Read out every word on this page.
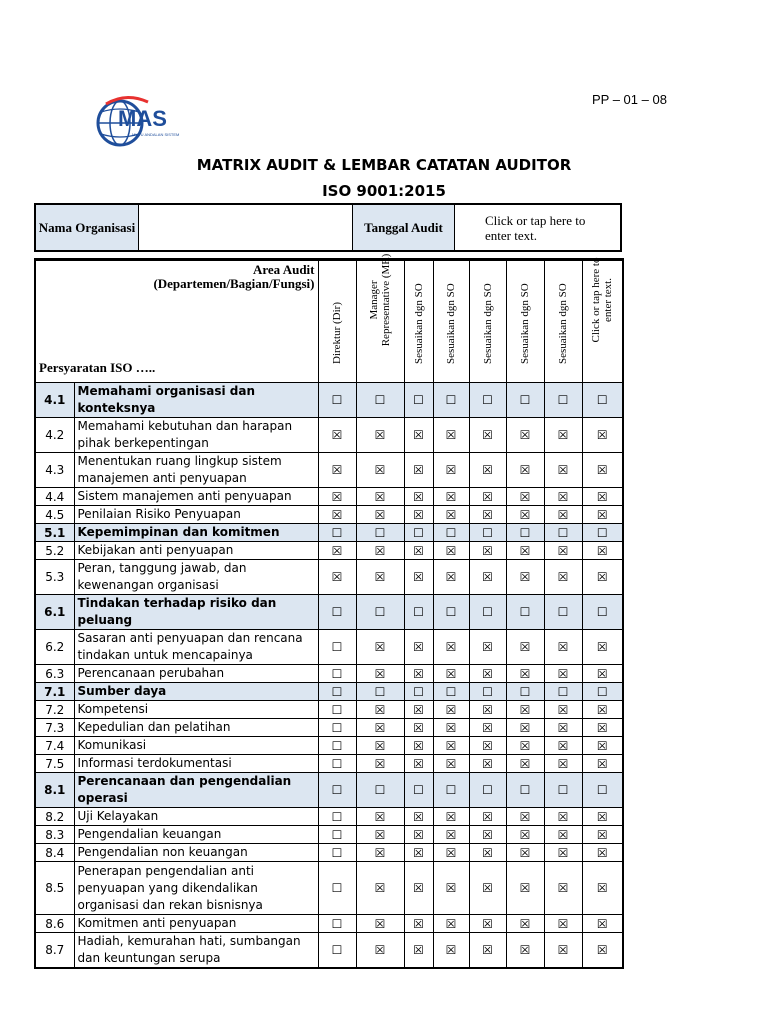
PP – 01 – 08
MAS
MUTU ANDALAN SISTEM
MATRIX AUDIT & LEMBAR CATATAN AUDITOR
ISO 9001:2015
Nama Organisasi		Tanggal Audit	Click or tap here to enter text.
Area Audit
(Departemen/Bagian/Fungsi)
Persyaratan ISO …..		Direktur (Dir)	Manager Representative (MR)	Sesuaikan dgn SO	Sesuaikan dgn SO	Sesuaikan dgn SO	Sesuaikan dgn SO	Sesuaikan dgn SO	Click or tap here to enter text.

4.1	Memahami organisasi dan konteksnya	☐	☐	☐	☐	☐	☐	☐	☐
4.2	Memahami kebutuhan dan harapan pihak berkepentingan	☒	☒	☒	☒	☒	☒	☒	☒
4.3	Menentukan ruang lingkup sistem manajemen anti penyuapan	☒	☒	☒	☒	☒	☒	☒	☒
4.4	Sistem manajemen anti penyuapan	☒	☒	☒	☒	☒	☒	☒	☒
4.5	Penilaian Risiko Penyuapan	☒	☒	☒	☒	☒	☒	☒	☒
5.1	Kepemimpinan dan komitmen	☐	☐	☐	☐	☐	☐	☐	☐
5.2	Kebijakan anti penyuapan	☒	☒	☒	☒	☒	☒	☒	☒
5.3	Peran, tanggung jawab, dan kewenangan organisasi	☒	☒	☒	☒	☒	☒	☒	☒
6.1	Tindakan terhadap risiko dan peluang	☐	☐	☐	☐	☐	☐	☐	☐
6.2	Sasaran anti penyuapan dan rencana tindakan untuk mencapainya	☐	☒	☒	☒	☒	☒	☒	☒
6.3	Perencanaan perubahan	☐	☒	☒	☒	☒	☒	☒	☒
7.1	Sumber daya	☐	☐	☐	☐	☐	☐	☐	☐
7.2	Kompetensi	☐	☒	☒	☒	☒	☒	☒	☒
7.3	Kepedulian dan pelatihan	☐	☒	☒	☒	☒	☒	☒	☒
7.4	Komunikasi	☐	☒	☒	☒	☒	☒	☒	☒
7.5	Informasi terdokumentasi	☐	☒	☒	☒	☒	☒	☒	☒
8.1	Perencanaan dan pengendalian operasi	☐	☐	☐	☐	☐	☐	☐	☐
8.2	Uji Kelayakan	☐	☒	☒	☒	☒	☒	☒	☒
8.3	Pengendalian keuangan	☐	☒	☒	☒	☒	☒	☒	☒
8.4	Pengendalian non keuangan	☐	☒	☒	☒	☒	☒	☒	☒
8.5	Penerapan pengendalian anti penyuapan yang dikendalikan organisasi dan rekan bisnisnya	☐	☒	☒	☒	☒	☒	☒	☒
8.6	Komitmen anti penyuapan	☐	☒	☒	☒	☒	☒	☒	☒
8.7	Hadiah, kemurahan hati, sumbangan dan keuntungan serupa	☐	☒	☒	☒	☒	☒	☒	☒
